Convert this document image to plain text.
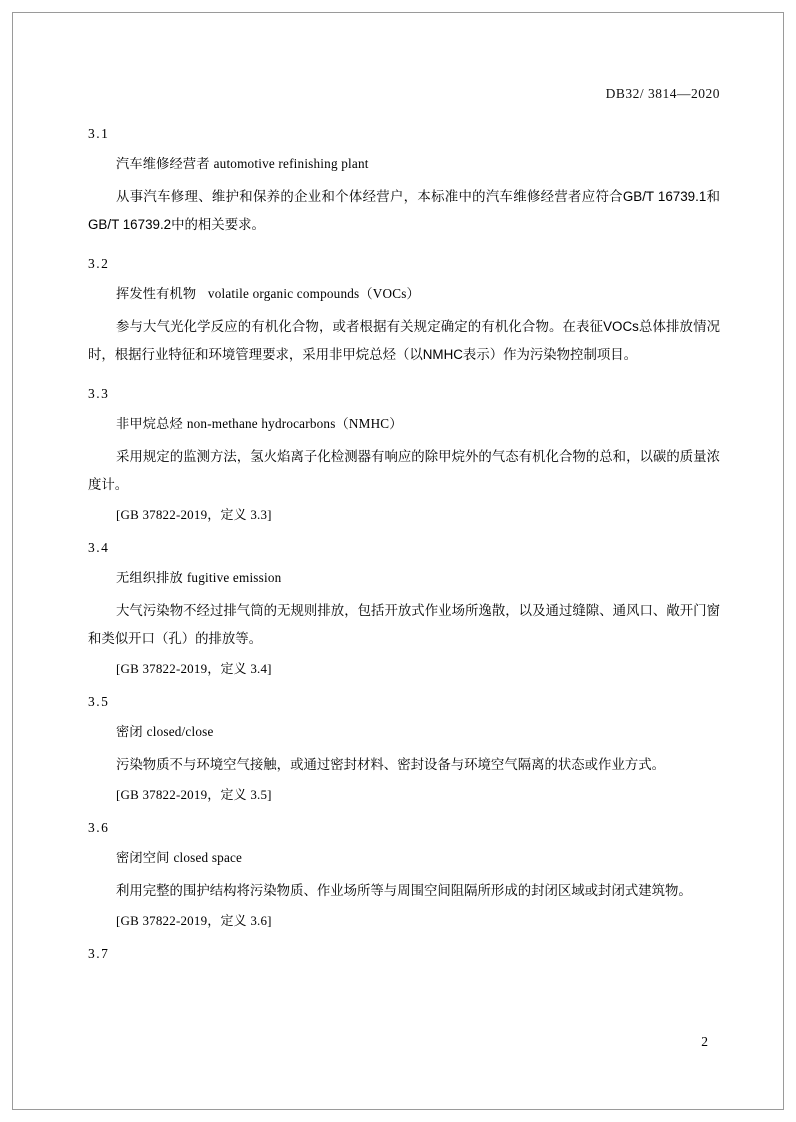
DB32/ 3814—2020
3.1
汽车维修经营者 automotive refinishing plant
从事汽车修理、维护和保养的企业和个体经营户，本标准中的汽车维修经营者应符合GB/T 16739.1和GB/T 16739.2中的相关要求。
3.2
挥发性有机物 volatile organic compounds（VOCs）
参与大气光化学反应的有机化合物，或者根据有关规定确定的有机化合物。在表征VOCs总体排放情况时，根据行业特征和环境管理要求，采用非甲烷总烃（以NMHC表示）作为污染物控制项目。
3.3
非甲烷总烃 non-methane hydrocarbons（NMHC）
采用规定的监测方法，氢火焰离子化检测器有响应的除甲烷外的气态有机化合物的总和，以碳的质量浓度计。
[GB 37822-2019，定义 3.3]
3.4
无组织排放 fugitive emission
大气污染物不经过排气筒的无规则排放，包括开放式作业场所逸散，以及通过缝隙、通风口、敞开门窗和类似开口（孔）的排放等。
[GB 37822-2019，定义 3.4]
3.5
密闭 closed/close
污染物质不与环境空气接触，或通过密封材料、密封设备与环境空气隔离的状态或作业方式。
[GB 37822-2019，定义 3.5]
3.6
密闭空间 closed space
利用完整的围护结构将污染物质、作业场所等与周围空间阻隔所形成的封闭区域或封闭式建筑物。
[GB 37822-2019，定义 3.6]
3.7
2
